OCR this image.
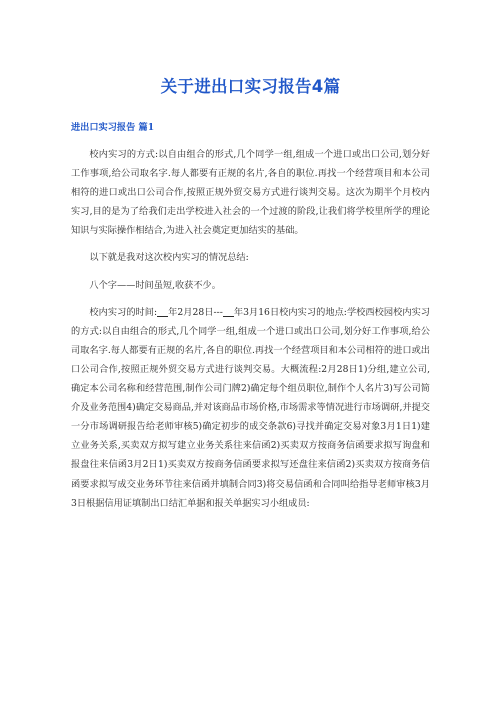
关于进出口实习报告4篇
进出口实习报告 篇1

校内实习的方式:以自由组合的形式,几个同学一组,组成一个进口或出口公司,划分好工作事项,给公司取名字.每人都要有正规的名片,各自的职位.再找一个经营项目和本公司相符的进口或出口公司合作,按照正规外贸交易方式进行谈判交易。这次为期半个月校内实习,目的是为了给我们走出学校进入社会的一个过渡的阶段,让我们将学校里所学的理论知识与实际操作相结合,为进入社会奠定更加结实的基础。

以下就是我对这次校内实习的情况总结:

八个字——时间虽短,收获不少。

校内实习的时间: 年2月28日--- 年3月16日校内实习的地点:学校西校园校内实习的方式:以自由组合的形式,几个同学一组,组成一个进口或出口公司,划分好工作事项,给公司取名字.每人都要有正规的名片,各自的职位.再找一个经营项目和本公司相符的进口或出口公司合作,按照正规外贸交易方式进行谈判交易。大概流程:2月28日1)分组,建立公司,确定本公司名称和经营范围,制作公司门牌2)确定每个组员职位,制作个人名片3)写公司简介及业务范围4)确定交易商品,并对该商品市场价格,市场需求等情况进行市场调研,并提交一分市场调研报告给老师审核5)确定初步的成交条款6)寻找并确定交易对象3月1日1)建立业务关系,买卖双方拟写建立业务关系往来信函2)买卖双方按商务信函要求拟写询盘和报盘往来信函3月2日1)买卖双方按商务信函要求拟写还盘往来信函2)买卖双方按商务信函要求拟写成交业务环节往来信函并填制合同3)将交易信函和合同叫给指导老师审核3月3日根据信用证填制出口结汇单据和报关单据实习小组成员:
